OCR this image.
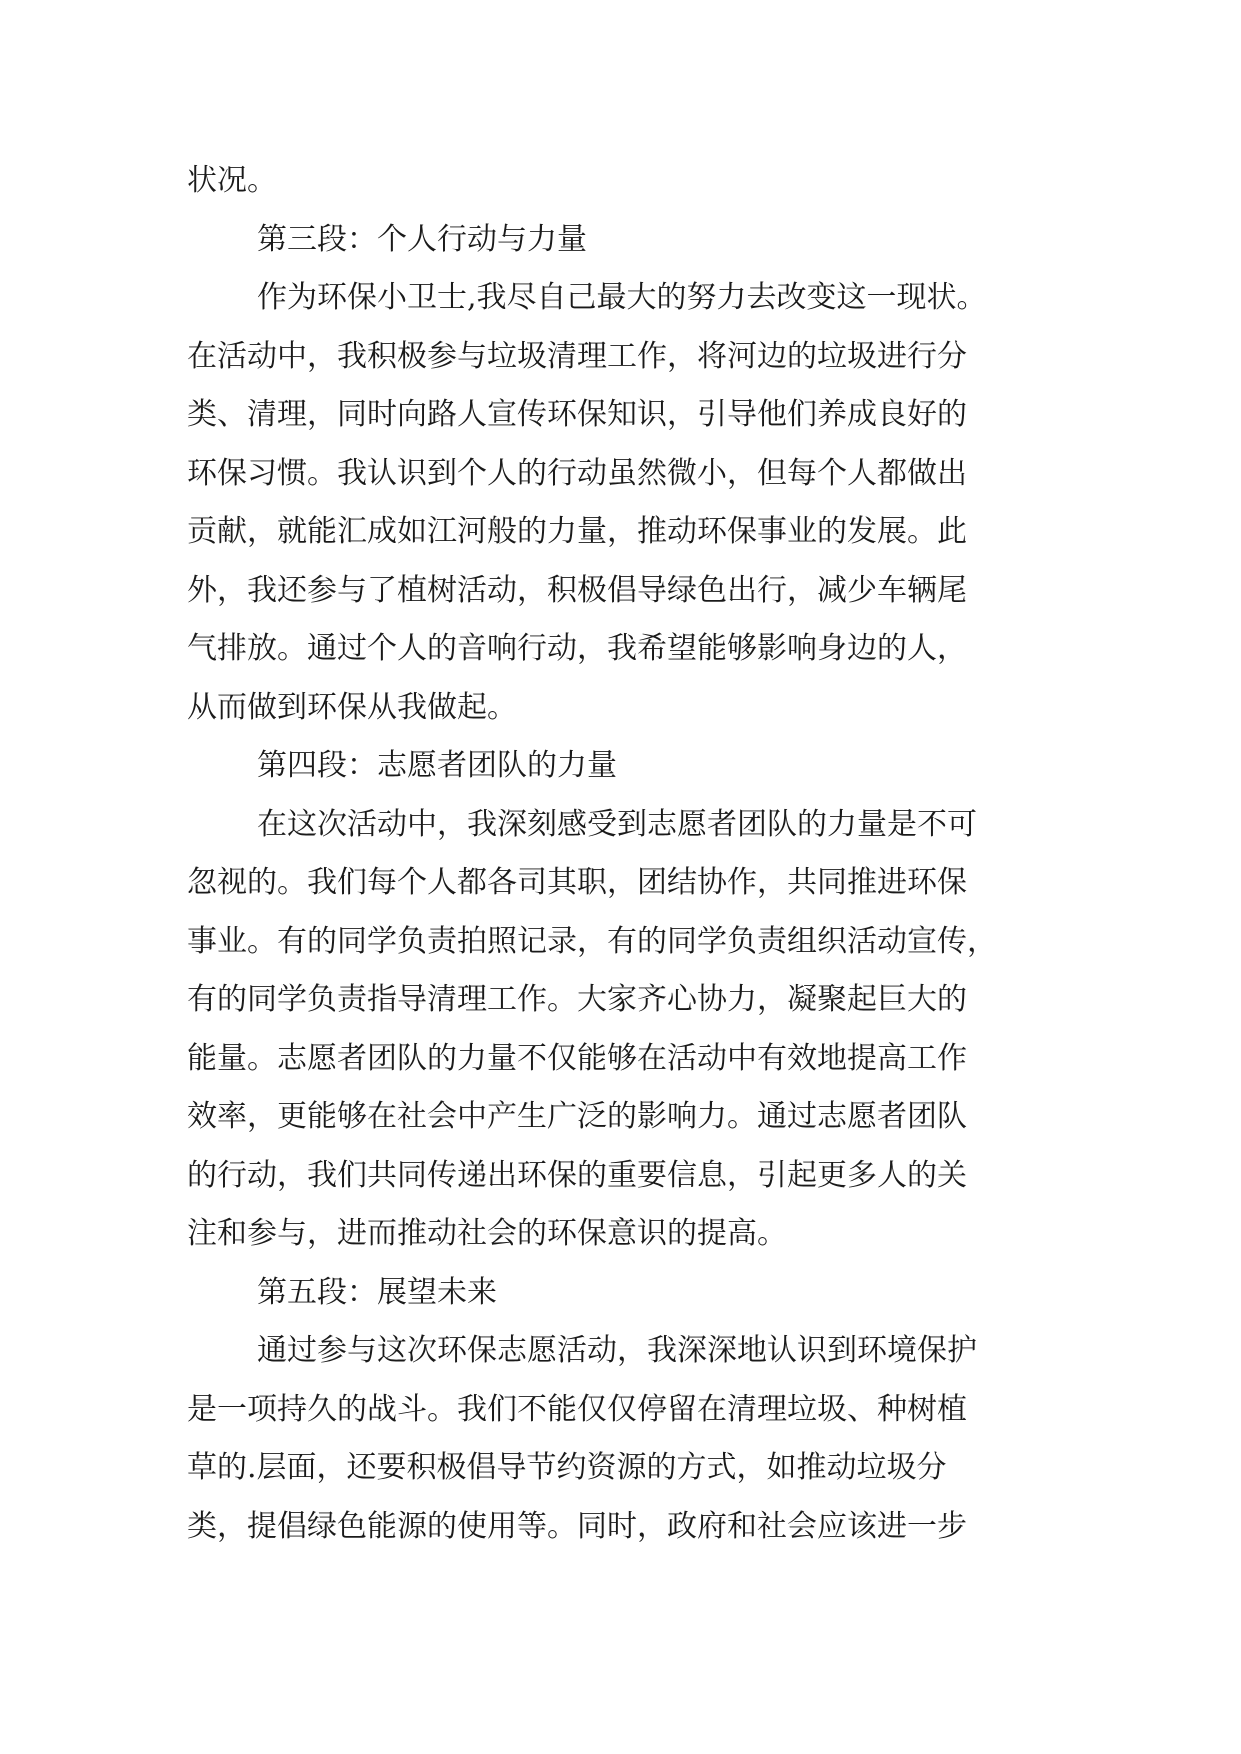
状况。
第三段：个人行动与力量
作为环保小卫士,我尽自己最大的努力去改变这一现状。
在活动中，我积极参与垃圾清理工作，将河边的垃圾进行分
类、清理，同时向路人宣传环保知识，引导他们养成良好的
环保习惯。我认识到个人的行动虽然微小，但每个人都做出
贡献，就能汇成如江河般的力量，推动环保事业的发展。此
外，我还参与了植树活动，积极倡导绿色出行，减少车辆尾
气排放。通过个人的音响行动，我希望能够影响身边的人，
从而做到环保从我做起。
第四段：志愿者团队的力量
在这次活动中，我深刻感受到志愿者团队的力量是不可
忽视的。我们每个人都各司其职，团结协作，共同推进环保
事业。有的同学负责拍照记录，有的同学负责组织活动宣传，
有的同学负责指导清理工作。大家齐心协力，凝聚起巨大的
能量。志愿者团队的力量不仅能够在活动中有效地提高工作
效率，更能够在社会中产生广泛的影响力。通过志愿者团队
的行动，我们共同传递出环保的重要信息，引起更多人的关
注和参与，进而推动社会的环保意识的提高。
第五段：展望未来
通过参与这次环保志愿活动，我深深地认识到环境保护
是一项持久的战斗。我们不能仅仅停留在清理垃圾、种树植
草的.层面，还要积极倡导节约资源的方式，如推动垃圾分
类，提倡绿色能源的使用等。同时，政府和社会应该进一步
